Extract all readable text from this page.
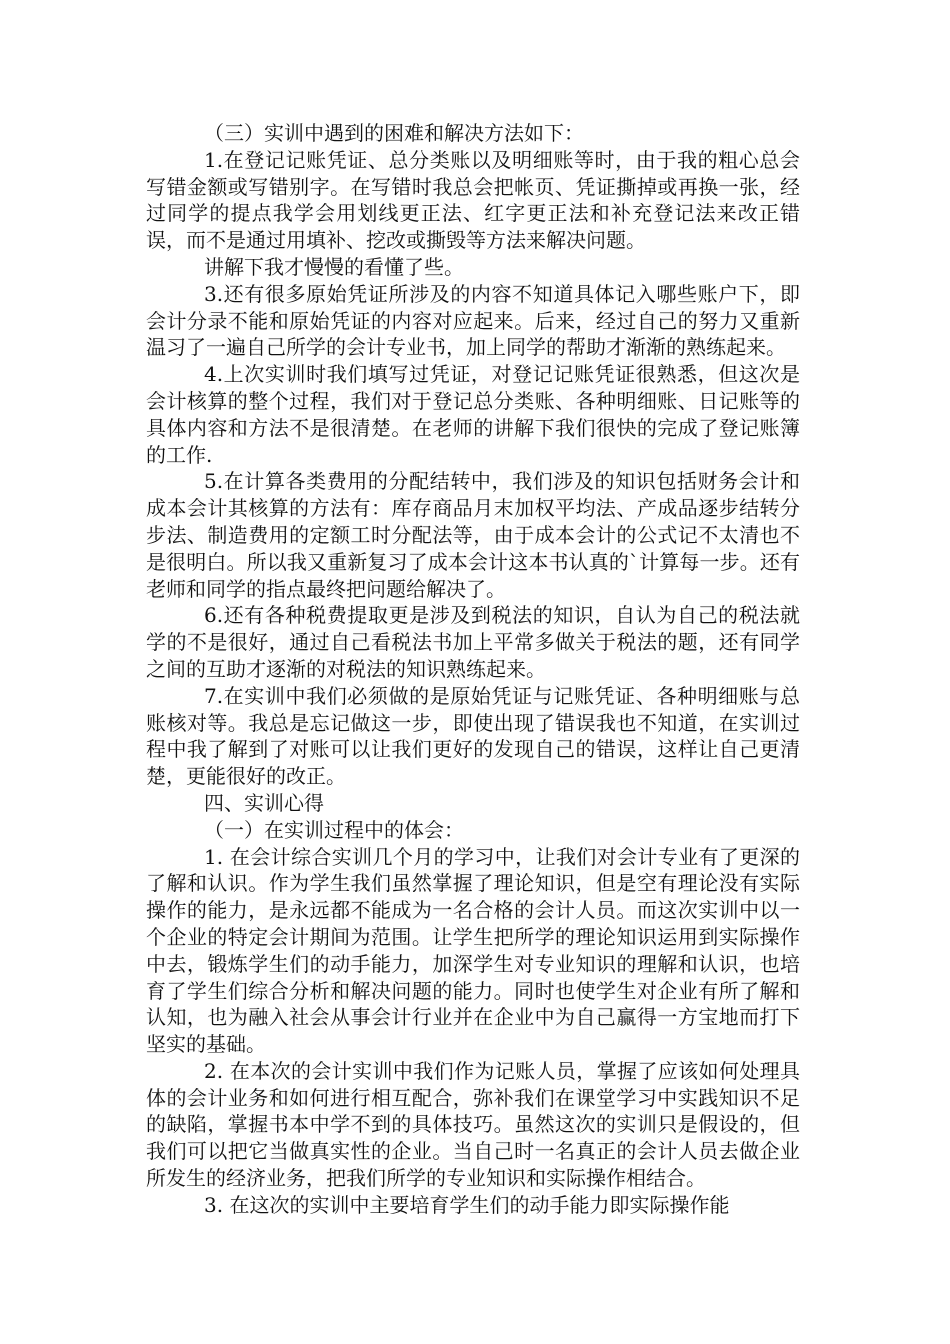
（三）实训中遇到的困难和解决方法如下：

1.在登记记账凭证、总分类账以及明细账等时，由于我的粗心总会写错金额或写错别字。在写错时我总会把帐页、凭证撕掉或再换一张，经过同学的提点我学会用划线更正法、红字更正法和补充登记法来改正错误，而不是通过用填补、挖改或撕毁等方法来解决问题。

讲解下我才慢慢的看懂了些。

3.还有很多原始凭证所涉及的内容不知道具体记入哪些账户下，即会计分录不能和原始凭证的内容对应起来。后来，经过自己的努力又重新温习了一遍自己所学的会计专业书，加上同学的帮助才渐渐的熟练起来。

4.上次实训时我们填写过凭证，对登记记账凭证很熟悉，但这次是会计核算的整个过程，我们对于登记总分类账、各种明细账、日记账等的具体内容和方法不是很清楚。在老师的讲解下我们很快的完成了登记账簿的工作.

5.在计算各类费用的分配结转中，我们涉及的知识包括财务会计和成本会计其核算的方法有：库存商品月末加权平均法、产成品逐步结转分步法、制造费用的定额工时分配法等，由于成本会计的公式记不太清也不是很明白。所以我又重新复习了成本会计这本书认真的`计算每一步。还有老师和同学的指点最终把问题给解决了。

6.还有各种税费提取更是涉及到税法的知识，自认为自己的税法就学的不是很好，通过自己看税法书加上平常多做关于税法的题，还有同学之间的互助才逐渐的对税法的知识熟练起来。

7.在实训中我们必须做的是原始凭证与记账凭证、各种明细账与总账核对等。我总是忘记做这一步，即使出现了错误我也不知道，在实训过程中我了解到了对账可以让我们更好的发现自己的错误，这样让自己更清楚，更能很好的改正。

四、实训心得

（一）在实训过程中的体会：

1. 在会计综合实训几个月的学习中，让我们对会计专业有了更深的了解和认识。作为学生我们虽然掌握了理论知识，但是空有理论没有实际操作的能力，是永远都不能成为一名合格的会计人员。而这次实训中以一个企业的特定会计期间为范围。让学生把所学的理论知识运用到实际操作中去，锻炼学生们的动手能力，加深学生对专业知识的理解和认识，也培育了学生们综合分析和解决问题的能力。同时也使学生对企业有所了解和认知，也为融入社会从事会计行业并在企业中为自己赢得一方宝地而打下坚实的基础。

2. 在本次的会计实训中我们作为记账人员，掌握了应该如何处理具体的会计业务和如何进行相互配合，弥补我们在课堂学习中实践知识不足的缺陷，掌握书本中学不到的具体技巧。虽然这次的实训只是假设的，但我们可以把它当做真实性的企业。当自己时一名真正的会计人员去做企业所发生的经济业务，把我们所学的专业知识和实际操作相结合。

3. 在这次的实训中主要培育学生们的动手能力即实际操作能
